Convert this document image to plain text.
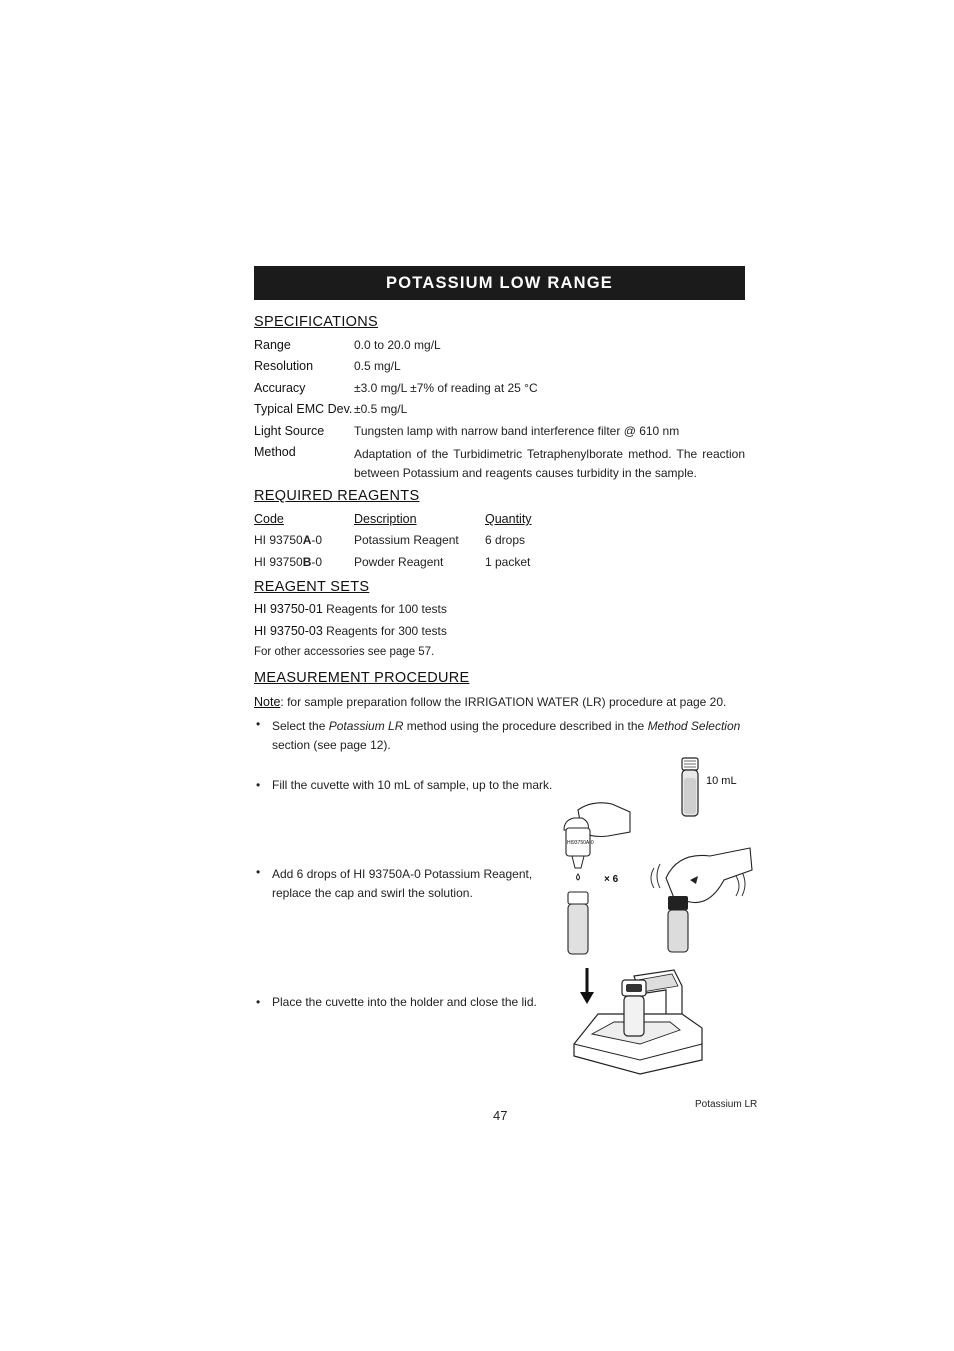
POTASSIUM LOW RANGE
SPECIFICATIONS
Range	0.0 to 20.0 mg/L
Resolution	0.5 mg/L
Accuracy	±3.0 mg/L ±7% of reading at 25 °C
Typical EMC Dev. ±0.5 mg/L
Light Source Tungsten lamp with narrow band interference filter @ 610 nm
Method	Adaptation of the Turbidimetric Tetraphenylborate method. The reaction between Potassium and reagents causes turbidity in the sample.
REQUIRED REAGENTS
Code	Description	Quantity
HI 93750A-0	Potassium Reagent 6 drops
HI 93750B-0	Powder Reagent	1 packet
REAGENT SETS
HI 93750-01 Reagents for 100 tests
HI 93750-03 Reagents for 300 tests
For other accessories see page 57.
MEASUREMENT PROCEDURE
Note: for sample preparation follow the IRRIGATION WATER (LR) procedure at page 20.
• Select the Potassium LR method using the procedure described in the Method Selection section (see page 12).
• Fill the cuvette with 10 mL of sample, up to the mark.
• Add 6 drops of HI 93750A-0 Potassium Reagent, replace the cap and swirl the solution.
• Place the cuvette into the holder and close the lid.
10 mL
HI93750A-0
× 6
47
Potassium LR
